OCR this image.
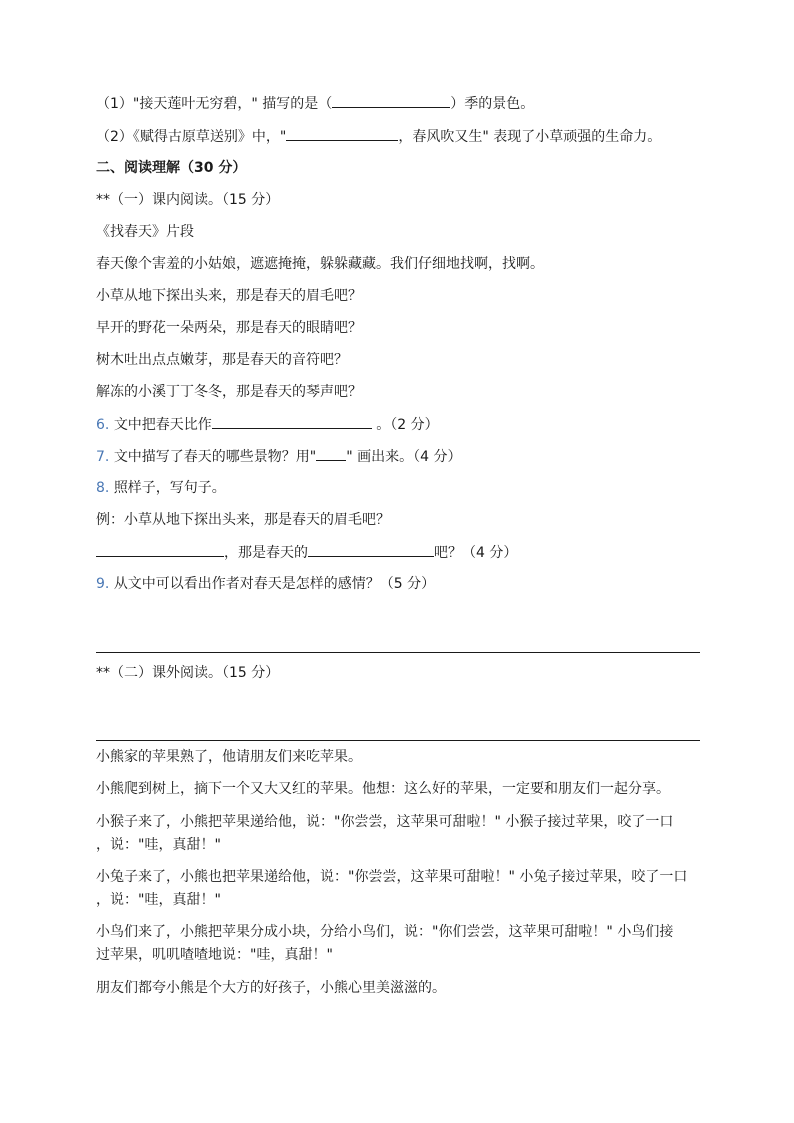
（1）"接天莲叶无穷碧，" 描写的是（	）季的景色。
（2）《赋得古原草送别》中，"	，春风吹又生" 表现了小草顽强的生命力。
二、阅读理解（30 分）
**（一）课内阅读。（15 分）
《找春天》片段
春天像个害羞的小姑娘，遮遮掩掩，躲躲藏藏。我们仔细地找啊，找啊。
小草从地下探出头来，那是春天的眉毛吧？
早开的野花一朵两朵，那是春天的眼睛吧？
树木吐出点点嫩芽，那是春天的音符吧？
解冻的小溪丁丁冬冬，那是春天的琴声吧？
6. 文中把春天比作	。（2 分）
7. 文中描写了春天的哪些景物？用" " 画出来。（4 分）
8. 照样子，写句子。
例：小草从地下探出头来，那是春天的眉毛吧？
，那是春天的	吧？（4 分）
9. 从文中可以看出作者对春天是怎样的感情？（5 分）
**（二）课外阅读。（15 分）
小熊家的苹果熟了，他请朋友们来吃苹果。
小熊爬到树上，摘下一个又大又红的苹果。他想：这么好的苹果，一定要和朋友们一起分享。
小猴子来了，小熊把苹果递给他，说："你尝尝，这苹果可甜啦！" 小猴子接过苹果，咬了一口
，说："哇，真甜！"
小兔子来了，小熊也把苹果递给他，说："你尝尝，这苹果可甜啦！" 小兔子接过苹果，咬了一口
，说："哇，真甜！"
小鸟们来了，小熊把苹果分成小块，分给小鸟们，说："你们尝尝，这苹果可甜啦！" 小鸟们接
过苹果，叽叽喳喳地说："哇，真甜！"
朋友们都夸小熊是个大方的好孩子，小熊心里美滋滋的。
